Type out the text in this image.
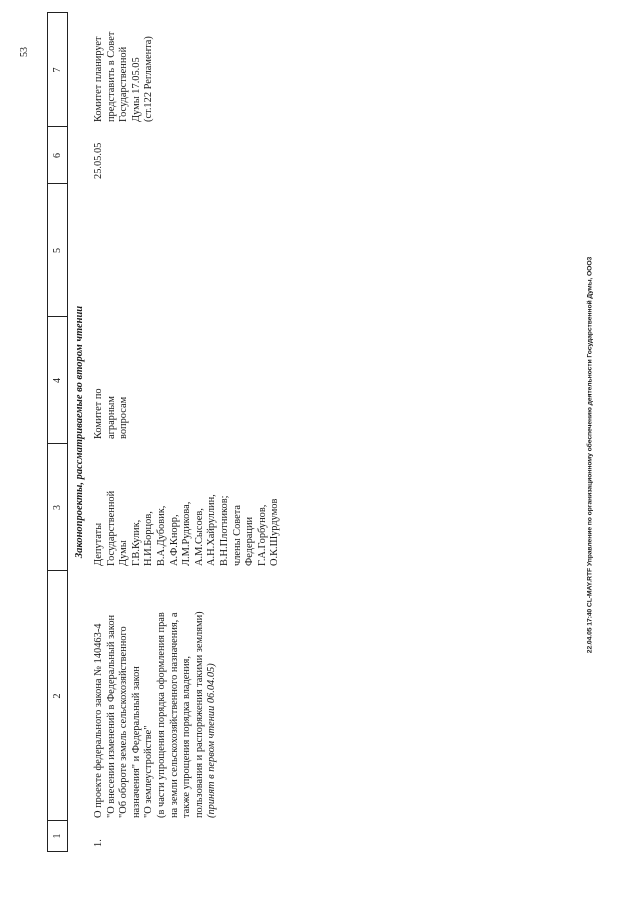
53
1
2
3
4
5
6
7
Законопроекты, рассматриваемые во втором чтении
1.
О проекте федерального закона № 140463-4 "О внесении изменений в Федеральный закон "Об обороте земель сельскохозяйственного назначения" и Федеральный закон "О землеустройстве" (в части упрощения порядка оформления прав на земли сельскохозяйственного назначения, а также упрощения порядка владения, пользования и распоряжения такими землями) (принят в первом чтении 06.04.05)
Депутаты Государственной Думы Г.В.Кулик, Н.И.Борцов, В.А.Дубовик, А.Ф.Кнорр, Л.М.Рудикова, А.М.Сысоев, А.Н.Хайруллин, В.Н.Плотников; члены Совета Федерации Г.А.Горбунов, О.К.Шурдумов
Комитет по аграрным вопросам
25.05.05
Комитет планирует представить в Совет Государственной Думы 17.05.05 (ст.122 Регламента)
22.04.05 17:40 CL-MAY.RTF Управление по организационному обеспечению деятельности Государственной Думы, ООО3
